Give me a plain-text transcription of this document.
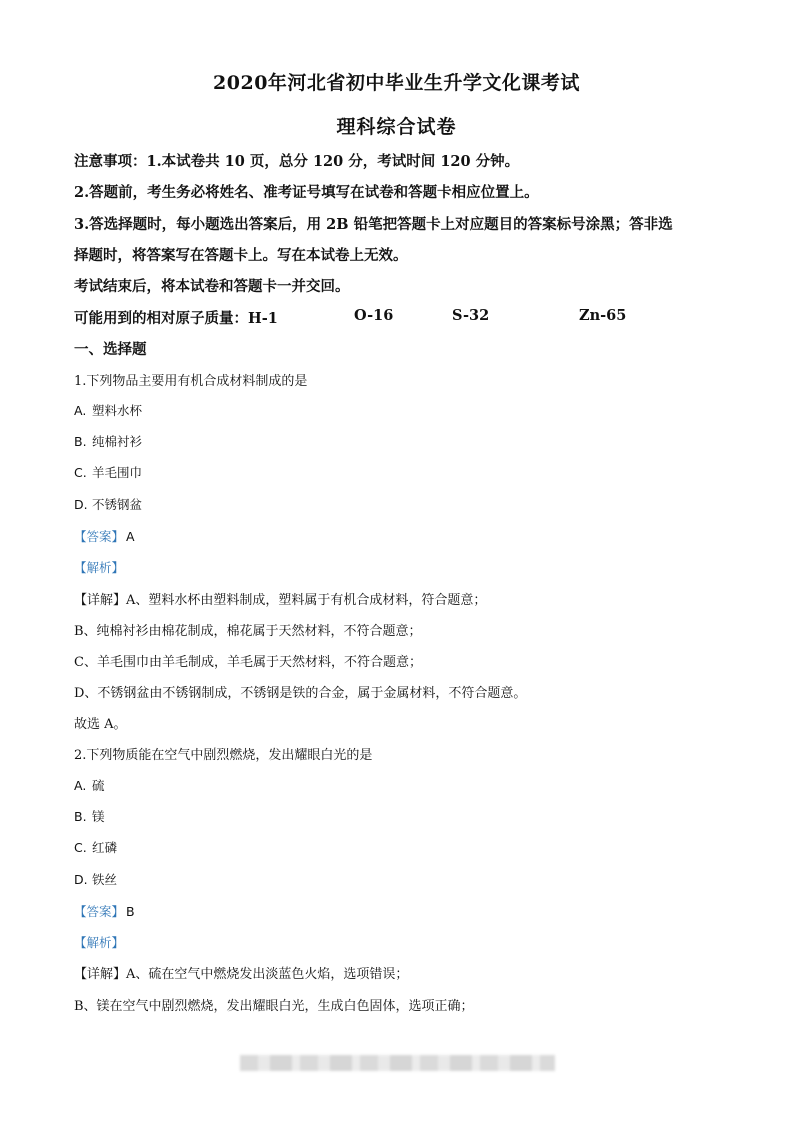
2020年河北省初中毕业生升学文化课考试
理科综合试卷
注意事项：1.本试卷共 10 页，总分 120 分，考试时间 120 分钟。
2.答题前，考生务必将姓名、准考证号填写在试卷和答题卡相应位置上。
3.答选择题时，每小题选出答案后，用 2B 铅笔把答题卡上对应题目的答案标号涂黑；答非选
择题时，将答案写在答题卡上。写在本试卷上无效。
考试结束后，将本试卷和答题卡一并交回。
可能用到的相对原子质量：H-1	O-16	S-32	Zn-65
一、选择题
1.下列物品主要用有机合成材料制成的是
A. 塑料水杯
B. 纯棉衬衫
C. 羊毛围巾
D. 不锈钢盆
【答案】 A
【解析】
【详解】A、塑料水杯由塑料制成，塑料属于有机合成材料，符合题意；
B、纯棉衬衫由棉花制成，棉花属于天然材料，不符合题意；
C、羊毛围巾由羊毛制成，羊毛属于天然材料，不符合题意；
D、不锈钢盆由不锈钢制成，不锈钢是铁的合金，属于金属材料，不符合题意。
故选 A。
2.下列物质能在空气中剧烈燃烧，发出耀眼白光的是
A. 硫
B. 镁
C. 红磷
D. 铁丝
【答案】 B
【解析】
【详解】A、硫在空气中燃烧发出淡蓝色火焰，选项错误；
B、镁在空气中剧烈燃烧，发出耀眼白光，生成白色固体，选项正确；
